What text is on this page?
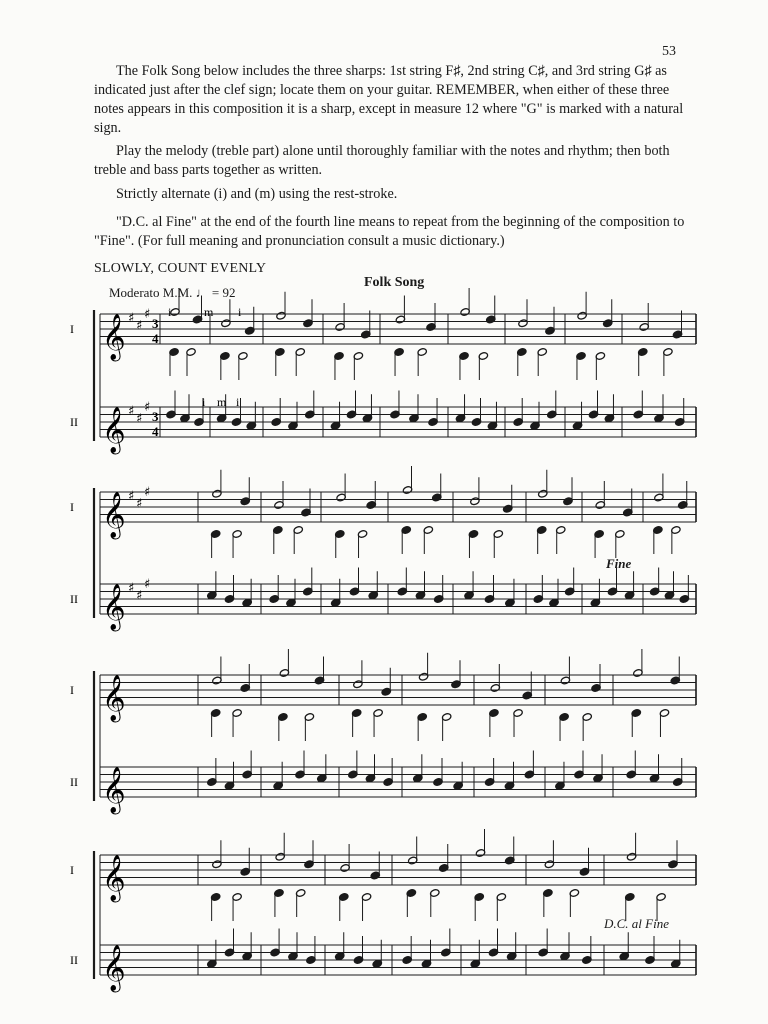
53

The Folk Song below includes the three sharps: 1st string F♯, 2nd string C♯, and 3rd string G♯ as indicated just after the clef sign; locate them on your guitar. REMEMBER, when either of these three notes appears in this composition it is a sharp, except in measure 12 where "G" is marked with a natural sign.

Play the melody (treble part) alone until thoroughly familiar with the notes and rhythm; then both treble and bass parts together as written.

Strictly alternate (i) and (m) using the rest-stroke.

"D.C. al Fine" at the end of the fourth line means to repeat from the beginning of the composition to "Fine". (For full meaning and pronunciation consult a music dictionary.)

SLOWLY, COUNT EVENLY
Folk Song
Moderato M.M. ♩ = 92
𝄞
I
♯ ♯
♯
3
4
𝄞
II
♯ ♯
♯
3
4
i
i
m
m
i
i
𝄞
I
♯ ♯
♯
𝄞
II
♯ ♯
♯
𝄞
I
𝄞
II
𝄞
I
𝄞
II
Fine
D.C. al Fine
